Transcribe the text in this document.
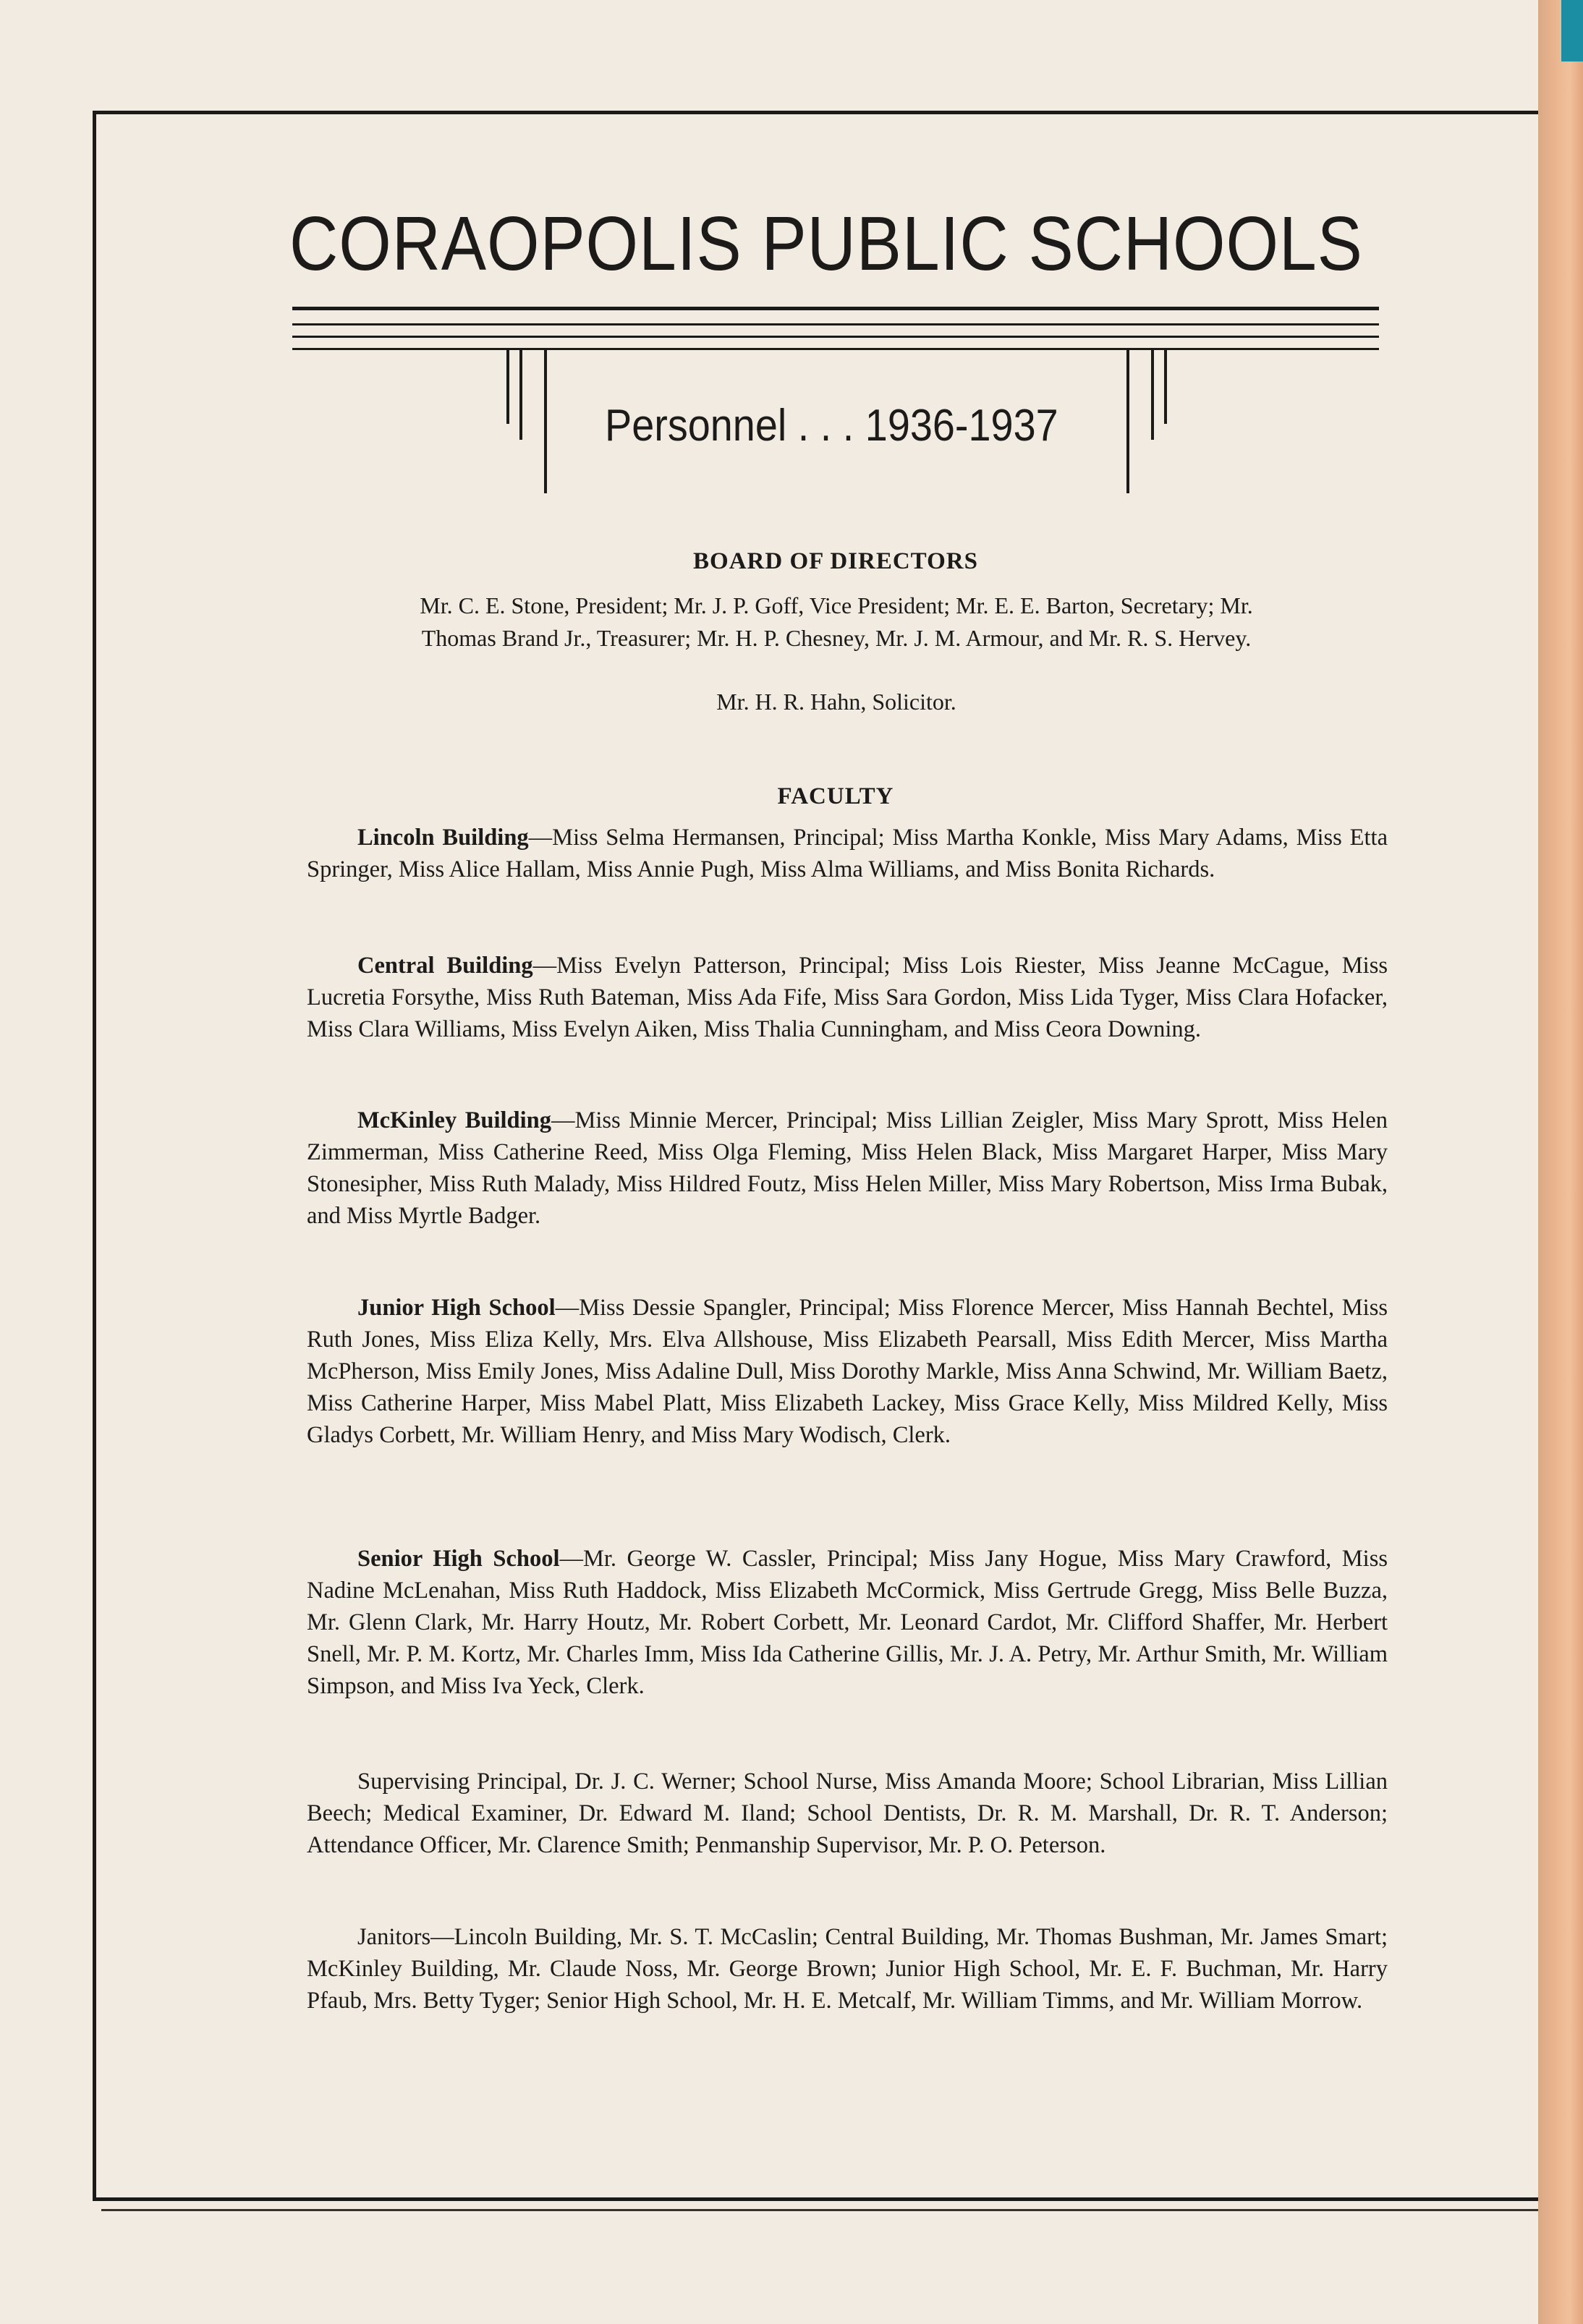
CORAOPOLIS PUBLIC SCHOOLS
Personnel . . . 1936-1937
BOARD OF DIRECTORS
Mr. C. E. Stone, President; Mr. J. P. Goff, Vice President; Mr. E. E. Barton, Secretary; Mr. Thomas Brand Jr., Treasurer; Mr. H. P. Chesney, Mr. J. M. Armour, and Mr. R. S. Hervey.
Mr. H. R. Hahn, Solicitor.
FACULTY
Lincoln Building—Miss Selma Hermansen, Principal; Miss Martha Konkle, Miss Mary Adams, Miss Etta Springer, Miss Alice Hallam, Miss Annie Pugh, Miss Alma Williams, and Miss Bonita Richards.
Central Building—Miss Evelyn Patterson, Principal; Miss Lois Riester, Miss Jeanne McCague, Miss Lucretia Forsythe, Miss Ruth Bateman, Miss Ada Fife, Miss Sara Gordon, Miss Lida Tyger, Miss Clara Hofacker, Miss Clara Williams, Miss Evelyn Aiken, Miss Thalia Cunningham, and Miss Ceora Downing.
McKinley Building—Miss Minnie Mercer, Principal; Miss Lillian Zeigler, Miss Mary Sprott, Miss Helen Zimmerman, Miss Catherine Reed, Miss Olga Fleming, Miss Helen Black, Miss Margaret Harper, Miss Mary Stonesipher, Miss Ruth Malady, Miss Hildred Foutz, Miss Helen Miller, Miss Mary Robertson, Miss Irma Bubak, and Miss Myrtle Badger.
Junior High School—Miss Dessie Spangler, Principal; Miss Florence Mercer, Miss Hannah Bechtel, Miss Ruth Jones, Miss Eliza Kelly, Mrs. Elva Allshouse, Miss Elizabeth Pearsall, Miss Edith Mercer, Miss Martha McPherson, Miss Emily Jones, Miss Adaline Dull, Miss Dorothy Markle, Miss Anna Schwind, Mr. William Baetz, Miss Catherine Harper, Miss Mabel Platt, Miss Elizabeth Lackey, Miss Grace Kelly, Miss Mildred Kelly, Miss Gladys Corbett, Mr. William Henry, and Miss Mary Wodisch, Clerk.
Senior High School—Mr. George W. Cassler, Principal; Miss Jany Hogue, Miss Mary Crawford, Miss Nadine McLenahan, Miss Ruth Haddock, Miss Elizabeth McCormick, Miss Gertrude Gregg, Miss Belle Buzza, Mr. Glenn Clark, Mr. Harry Houtz, Mr. Robert Corbett, Mr. Leonard Cardot, Mr. Clifford Shaffer, Mr. Herbert Snell, Mr. P. M. Kortz, Mr. Charles Imm, Miss Ida Catherine Gillis, Mr. J. A. Petry, Mr. Arthur Smith, Mr. William Simpson, and Miss Iva Yeck, Clerk.
Supervising Principal, Dr. J. C. Werner; School Nurse, Miss Amanda Moore; School Librarian, Miss Lillian Beech; Medical Examiner, Dr. Edward M. Iland; School Dentists, Dr. R. M. Marshall, Dr. R. T. Anderson; Attendance Officer, Mr. Clarence Smith; Penmanship Supervisor, Mr. P. O. Peterson.
Janitors—Lincoln Building, Mr. S. T. McCaslin; Central Building, Mr. Thomas Bushman, Mr. James Smart; McKinley Building, Mr. Claude Noss, Mr. George Brown; Junior High School, Mr. E. F. Buchman, Mr. Harry Pfaub, Mrs. Betty Tyger; Senior High School, Mr. H. E. Metcalf, Mr. William Timms, and Mr. William Morrow.
